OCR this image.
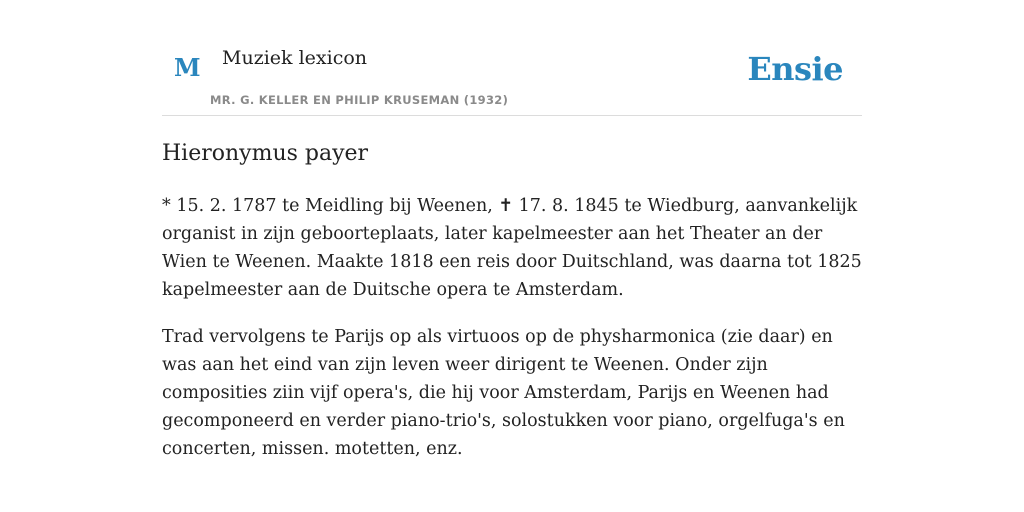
M Muziek lexicon
MR. G. KELLER EN PHILIP KRUSEMAN (1932)
Ensie
Hieronymus payer

* 15. 2. 1787 te Meidling bij Weenen, ✝ 17. 8. 1845 te Wiedburg, aanvankelijk organist in zijn geboorteplaats, later kapelmeester aan het Theater an der Wien te Weenen. Maakte 1818 een reis door Duitschland, was daarna tot 1825 kapelmeester aan de Duitsche opera te Amsterdam.

Trad vervolgens te Parijs op als virtuoos op de physharmonica (zie daar) en was aan het eind van zijn leven weer dirigent te Weenen. Onder zijn composities ziin vijf opera's, die hij voor Amsterdam, Parijs en Weenen had gecomponeerd en verder piano-trio's, solostukken voor piano, orgelfuga's en concerten, missen. motetten, enz.
